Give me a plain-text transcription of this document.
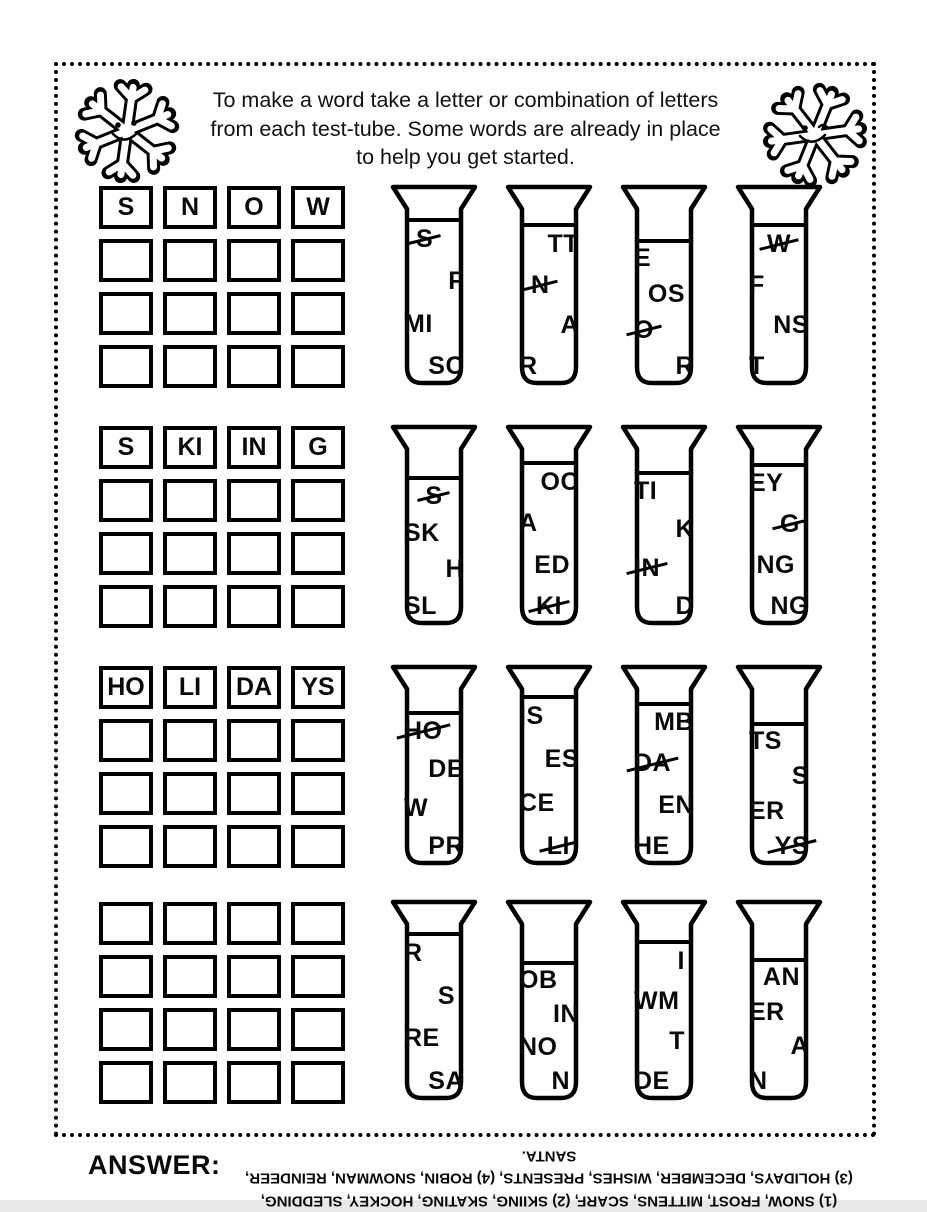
To make a word take a letter or combination of letters
from each test-tube. Some words are already in place
to help you get started.
S	N	O	W
S
F
MI
SC
TT
N
A
R
E
OS
O
R
W
F
NS
T
S	KI	IN	G
S
SK
H
SL
OC
A
ED
KI
TI
K
IN
D
EY
G
ING
NG
HO	LI	DA	YS
HO
DE
W
PR
IS
ES
CE
LI
MB
DA
EN
HE
TS
S
ER
YS
R
S
RE
SA
OB
IN
NO
N
I
WM
T
DE
AN
ER
A
N
ANSWER:
(1) SNOW, FROST, MITTENS, SCARF, (2) SKIING, SKATING, HOCKEY, SLEDDING,
(3) HOLIDAYS, DECEMBER, WISHES, PRESENTS, (4) ROBIN, SNOWMAN, REINDEER, SANTA.
